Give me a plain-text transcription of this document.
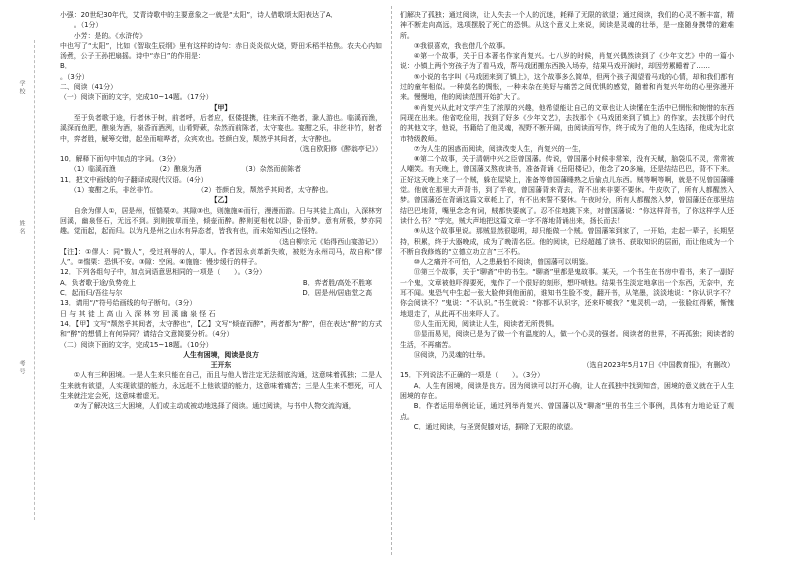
学校
姓名
考号

小强：20世纪30年代，艾青诗歌中的主要意象之一就是“太阳”，诗人借歌颂太阳表达了A．

。（1分）

小芳：是的。《水浒传》

中也写了“太阳”，比如《智取生辰纲》里有这样的诗句：赤日炎炎似火烧，野田禾稻半枯焦。农夫心内如汤煮，公子王孙把扇摇。诗中“赤日”的作用是：

B．

。（3分）

二、阅读（41分）

（一）阅读下面的文字，完成10~14题。（17分）

【甲】

至于负者歌于途，行者休于树，前者呼，后者应，伛偻提携，往来而不绝者，滁人游也。临溪而渔，溪深而鱼肥，酿泉为酒，泉香而酒洌，山肴野蔌，杂然而前陈者，太守宴也。宴酣之乐，非丝非竹，射者中，弈者胜，觥筹交错，起坐而喧哗者，众宾欢也。苍颜白发，颓然乎其间者，太守醉也。

（选自欧阳修《醉翁亭记》）

10．解释下面句中加点的字词。（3分）

（1）临溪而渔	（2）酿泉为酒	（3）杂然而前陈者

11．把文中画线的句子翻译成现代汉语。（4分）

（1）宴酣之乐，非丝非竹。	（2）苍颜白发，颓然乎其间者，太守醉也。

【乙】

自余为僇人①，居是州，恒惴栗②。其隙③也，则施施④而行，漫漫而游。日与其徒上高山，入深林穷回溪，幽泉怪石，无远不到。到则披草而坐，倾壶而醉。醉则更相枕以卧，卧而梦。意有所极，梦亦同趣。觉而起，起而归。以为凡是州之山水有异态者，皆我有也，而未始知西山之怪特。

（选自柳宗元《始得西山宴游记》）

【注】：①僇人：同“戮人”，受过刑辱的人，罪人。作者因永贞革新失败，被贬为永州司马，故自称“僇人”。②惴栗：恐惧不安。③隙：空闲。④施施：慢步缓行的样子。

12．下列各组句子中，加点词语意思相同的一项是（　　）。（3分）

A．负者歌于途/负势竞上	B．弈者胜/高处不胜寒
C．起而归/吾往与尔	D．居是州/居庙堂之高

13．请用“/”符号给画线的句子断句。（3分）

日与其徒上高山入深林穷回溪幽泉怪石

14．【甲】文写“颓然乎其间者，太守醉也”，【乙】文写“倾壶而醉”，两者都为“醉”，但在表达“醉”的方式和“醉”的想情上有何异同？请结合文意简要分析。（4分）

（二）阅读下面的文字，完成15~18题。（10分）

人生有困境，阅读是良方

王开东

①人有三种困境。一是人生来只能在自己，而且与他人皆注定无法彻底沟通，这意味着孤独；二是人生来就有欲望，人实现欲望的能力，永远赶不上他欲望的能力，这意味着痛苦；三是人生来不想死，可人生来就注定会死，这意味着虚无。

②为了解决这三大困境，人们或主动或被动地选择了阅读。通过阅读，与书中人物交流沟通，

们解决了孤独；通过阅读，让人失去一个人的沉迷，耗释了无限的欲望；通过阅读，我们的心灵不断丰富，精神不断走向高远，选项摆脱了死亡的恐惧。从这个意义上来说，阅读是灵魂的壮举，是一座随身携带的避难所。

③我很喜欢，我也借几个故事。

④第一个故事，关于日本著名作家肖复兴。七八岁的时候，肖复兴偶然读到了《少年文艺》中的一篇小说：小镇上两个穷孩子为了看马戏，帮马戏团搬东西换入场券，结果马戏开演时，却因劳累睡着了……

⑤小说的名字叫《马戏团来到了镇上》，这个故事多么简单，但两个孩子渴望看马戏的心情，却和我们都有过的童年相似。一种莫名的惆怅，一种未杂在美好与痛苦之间优惧的感觉，随着和肖复兴年幼的心里弥漫开来。慢慢地，他的阅读范围开始扩大了。

⑥肖复兴从此对文学产生了浓厚的兴趣，他希望能让自己的文章也让人读懂在生活中已惘怅和惋惜的东西同现在出来。他省吃俭用，找到了好多《少年文艺》，去找那个《马戏团来到了镇上》的作家，去找那个时代的其他文字，他说，书籍给了他灵魂，视野不断开阔，由阅读而写作，终于成为了他的人生选择，他成为北京市特级教师。

⑦为人生的困惑而阅读，阅读改变人生，肖复兴的一生，

⑧第二个故事，关于清朝中兴之臣曾国藩。传说，曾国藩小时候非常笨，没有天赋，脑袋瓜不灵，常常被人嘲笑。有天晚上，曾国藩又熬夜读书，准备背诵《岳阳楼记》，他念了20多遍，还是结结巴巴，背不下来。正好这天晚上来了一个贼，躲在屋梁上，准备等曾国藩睡熟之后偷点儿东西。贼等啊等啊，就是不见曾国藩睡觉。他就在那里大声背书，到了半夜，曾国藩背来背去，背不出来非要不要休。牛皮吹了，所有人都醒然入梦。曾国藩还在背诵这篇文章耗上了，有不出来誓不要休。午夜时分，所有人都醒然入梦，曾国藩还在那里结结巴巴地背，嘴里念念有词，贼都快要疯了。忍不住地跳下来，对曾国藩说：“你这样背书，了你这样学人还读什么书？”学完，贼大声地把这篇文章一字不落地背诵出来，扬长而去！

⑨从这个故事里说。那贼显然很聪明，却只能做一个贼。曾国藩笨到家了，一开始，走起一辈子，长期坚持，积累，终于大器晚成，成为了晚清名臣。他的阅读，已经超越了读书、获取知识的层面，而让他成为一个不断自我修炼的“立德立功立言”三不朽。

⑩人之痛并不可怕，人之患最怕不阅读，曾国藩可以明鉴。

⑪第三个故事，关于“聊斋”中的书生。“聊斋”里都是鬼故事。某天，一个书生在书房中看书，来了一副好一个鬼，文章被他吓得要死，鬼作了一个很好的刻形，想吓唬他。结果书生淡定地拿出一个东西，无奈中，充耳不闻。鬼恐气中生起一张大脸伸到他面前，谁知书生脸不变，翻开书，从笔墨，淡淡地说：“你认识字不？你会阅读不？”鬼说：“不认识。”书生就说：“你都不认识字，还来吓唬我？”鬼灵机一动，一张脸红得紫，惭愧地退走了，从此再不出来吓人了。

⑫人生而无阅，阅读让人生，阅读者无所畏惧。

⑬显而易见，阅读已是为了做一个有温度的人，做一个心灵的强者。阅读者的世界，不再孤独；阅读者的生活，不再痛苦。

⑭阅读，乃灵魂的壮举。

（选自2023年5月17日《中国教育报》，有删改）

15．下列说法不正确的一项是（　　）。（3分）

A．人生有困境，阅读是良方。因为阅读可以打开心胸，让人在孤独中找到知音，困境的意义就在于人生困境的存在。

B．作者运用举例论证，通过列举肖复兴、曾国藩以及“聊斋”里的书生三个事例，具体有力地论证了观点。

C．通过阅读，与圣贤促膝对话，摒除了无限的欲望。
